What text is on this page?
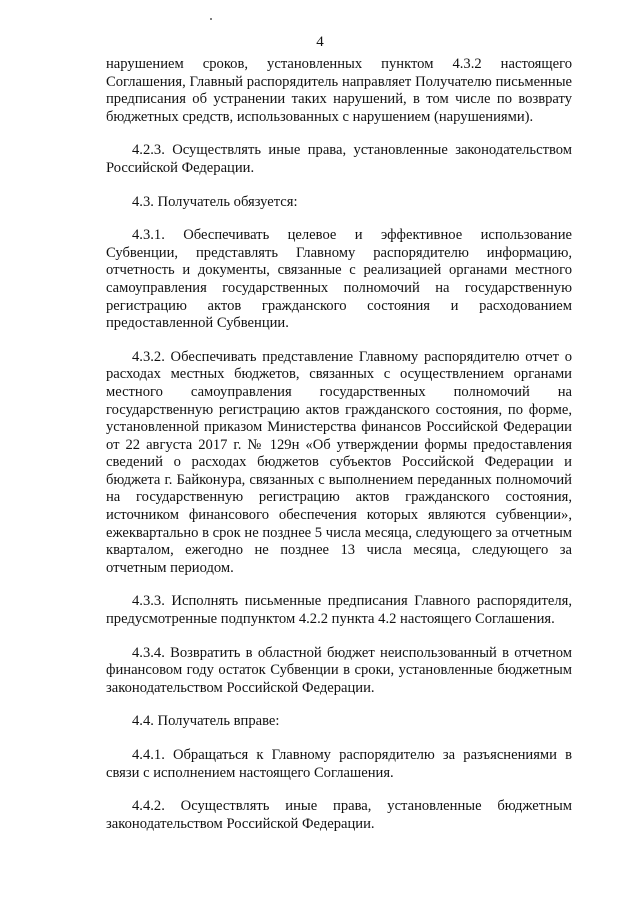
4

нарушением сроков, установленных пунктом 4.3.2 настоящего Соглашения, Главный распорядитель направляет Получателю письменные предписания об устранении таких нарушений, в том числе по возврату бюджетных средств, использованных с нарушением (нарушениями).

4.2.3. Осуществлять иные права, установленные законодательством Российской Федерации.

4.3. Получатель обязуется:

4.3.1. Обеспечивать целевое и эффективное использование Субвенции, представлять Главному распорядителю информацию, отчетность и документы, связанные с реализацией органами местного самоуправления государственных полномочий на государственную регистрацию актов гражданского состояния и расходованием предоставленной Субвенции.

4.3.2. Обеспечивать представление Главному распорядителю отчет о расходах местных бюджетов, связанных с осуществлением органами местного самоуправления государственных полномочий на государственную регистрацию актов гражданского состояния, по форме, установленной приказом Министерства финансов Российской Федерации от 22 августа 2017 г. № 129н «Об утверждении формы предоставления сведений о расходах бюджетов субъектов Российской Федерации и бюджета г. Байконура, связанных с выполнением переданных полномочий на государственную регистрацию актов гражданского состояния, источником финансового обеспечения которых являются субвенции», ежеквартально в срок не позднее 5 числа месяца, следующего за отчетным кварталом, ежегодно не позднее 13 числа месяца, следующего за отчетным периодом.

4.3.3. Исполнять письменные предписания Главного распорядителя, предусмотренные подпунктом 4.2.2 пункта 4.2 настоящего Соглашения.

4.3.4. Возвратить в областной бюджет неиспользованный в отчетном финансовом году остаток Субвенции в сроки, установленные бюджетным законодательством Российской Федерации.

4.4. Получатель вправе:

4.4.1. Обращаться к Главному распорядителю за разъяснениями в связи с исполнением настоящего Соглашения.

4.4.2. Осуществлять иные права, установленные бюджетным законодательством Российской Федерации.
